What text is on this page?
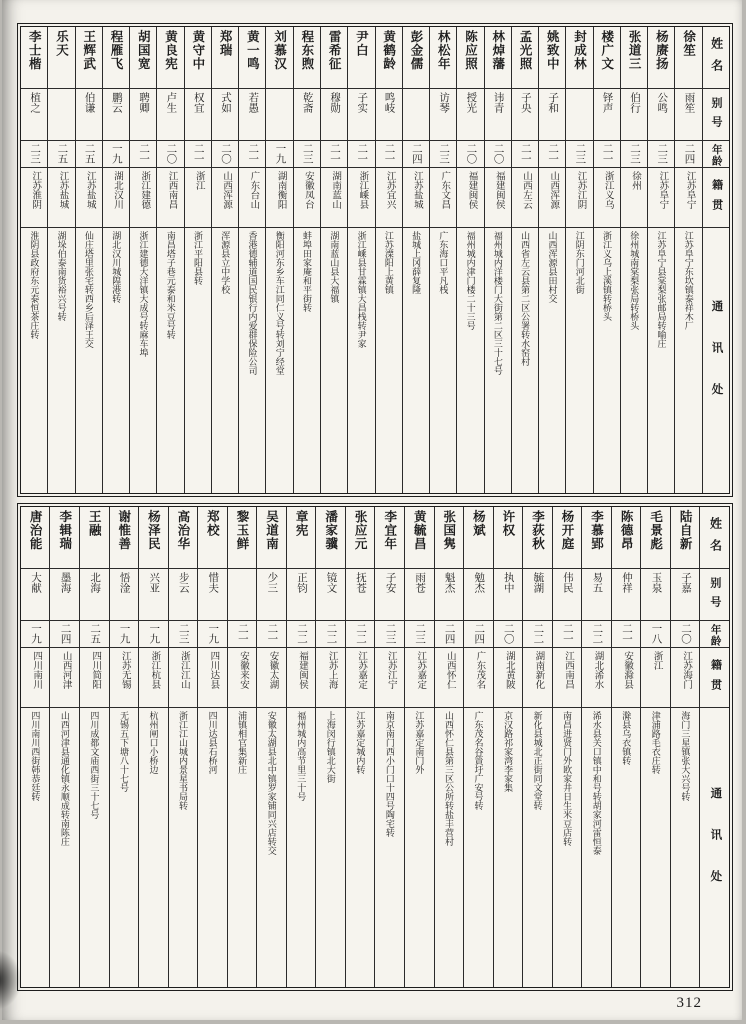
姓名
别号
年龄
籍贯
通讯处
徐笙
雨笙
二四
江苏阜宁
江苏阜宁东坎镇泰祥木厂
杨赓扬
公鸣
二三
江苏阜宁
江苏阜宁县棠梨张邮局转喻庄
张道三
伯行
二三
徐州
徐州城南棠梨张局转桥头
楼广文
铎声
二一
浙江义乌
浙江义乌上溪镇转桥头
封成林
二三
江苏江阴
江阴东门河北街
姚致中
子和
二一
山西浑源
山西浑源县田村交
孟光照
子央
二一
山西左云
山西省左云县第二区公署转水窑村
林焯藩
讳青
二〇
福建闽侯
福州城内洋楼门大街第二区三十七号
陈应照
授光
二〇
福建闽侯
福州城内津门楼二十三号
林松年
访琴
二三
广东文昌
广东海口平凡栈
彭金儒
二四
江苏盐城
盐城上冈薛复隆
黄鹤龄
鸣岐
二一
江苏宜兴
江苏溧阳上黄镇
尹白
子实
二一
浙江嵊县
浙江嵊县甘霖镇大昌栈转尹家
雷希征
穆勋
二一
湖南蓝山
湖南蓝山县大福镇
程东煦
乾斋
二三
安徽凤台
蚌埠田家庵和平街转
刘慕汉
一九
湖南衡阳
衡阳河东乡车江同仁义号转刘宁经堂
黄一鸣
若愚
二一
广东台山
香港德辅道国民银行内爱群保险公司
郑瑞
式如
二〇
山西浑源
浑源县立中学校
黄守中
权宜
二一
浙江
浙江平阳县转
黄良宪
卢生
二〇
江西南昌
南昌塔子巷元泰和米豆号转
胡国宽
聘卿
二一
浙江建德
浙江建德大洋镇大成号转麻车埠
程雁飞
鹏云
一九
湖北汉川
湖北汉川城隍港转
王辉武
伯谦
二五
江苏盐城
仙庄塔里张宅转西乡后泽王交
乐天
二五
江苏盐城
湖垛伯泰南货裕兴号转
李士楷
植之
二三
江苏淮阴
淮阴县政府东元泰恒茶庄转
姓名
别号
年龄
籍贯
通讯处
陆自新
子嘉
二〇
江苏海门
海门三星镇张大兴号转
毛景彪
玉泉
一八
浙江
津浦路毛衣庄转
陈德昂
仲祥
二一
安徽滁县
滁县乌衣镇转
李慕郢
易五
二二
湖北浠水
浠水县关口镇中和号转胡家河雷恒泰
杨开庭
伟民
二一
江西南昌
南昌进贤门外欧家井日生米豆店转
李荻秋
毓湖
二二
湖南新化
新化县城北正街同文堂转
许权
执中
二〇
湖北黄陂
京汉路祁家湾李家集
杨斌
勉杰
二四
广东茂名
广东茂名谷篢圩广安号转
张国隽
魁杰
二四
山西怀仁
山西怀仁县第三区公所转盐丰营村
黄毓昌
雨苍
二三
江苏嘉定
江苏嘉定南门外
李宜年
子安
二三
江苏江宁
南京南门西小门口十四号陶宅转
张应元
抚苍
二二
江苏嘉定
江苏嘉定城内转
潘家骥
镜文
二二
江苏上海
上海闵行镇北大街
章宪
正钧
二二
福建闽侯
福州城内高节里三十号
吴道南
少三
二一
安徽太湖
安徽太湖县北中镇罗家铺同兴店转交
黎玉鲜
二一
安徽来安
浦镇相官集新庄
郑校
惜夫
一九
四川达县
四川达县石桥河
高治华
步云
二三
浙江江山
浙江江山城内景星书局转
杨泽民
兴亚
一九
浙江杭县
杭州闸口小桥边
谢惟善
悟淦
一九
江苏无锡
无锡五下塘八十七号
王融
北海
二五
四川简阳
四川成都文庙西街三十七号
李辑瑞
墨海
二四
山西河津
山西河津县通化镇永顺成转南陈庄
唐治能
大献
一九
四川南川
四川南川西街韩恭廷转
312
